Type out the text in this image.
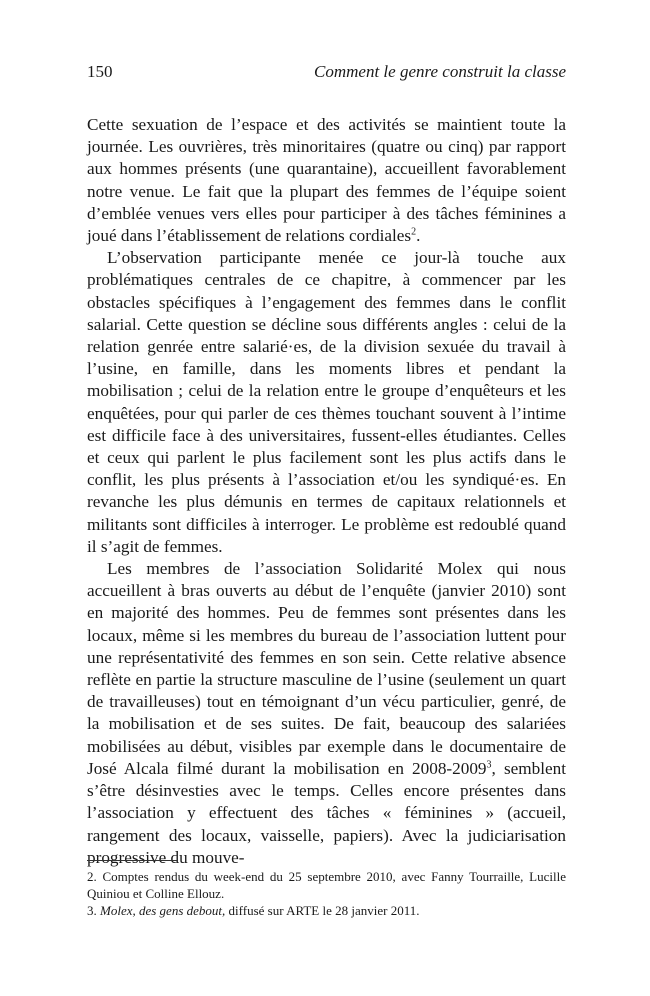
150	Comment le genre construit la classe

Cette sexuation de l’espace et des activités se maintient toute la journée. Les ouvrières, très minoritaires (quatre ou cinq) par rapport aux hommes présents (une quarantaine), accueillent favorablement notre venue. Le fait que la plupart des femmes de l’équipe soient d’emblée venues vers elles pour participer à des tâches féminines a joué dans l’établissement de relations cordiales$^2$.

L’observation participante menée ce jour-là touche aux problématiques centrales de ce chapitre, à commencer par les obstacles spécifiques à l’engagement des femmes dans le conflit salarial. Cette question se décline sous différents angles : celui de la relation genrée entre salarié·es, de la division sexuée du travail à l’usine, en famille, dans les moments libres et pendant la mobilisation ; celui de la relation entre le groupe d’enquêteurs et les enquêtées, pour qui parler de ces thèmes touchant souvent à l’intime est difficile face à des universitaires, fussent-elles étudiantes. Celles et ceux qui parlent le plus facilement sont les plus actifs dans le conflit, les plus présents à l’association et/ou les syndiqué·es. En revanche les plus démunis en termes de capitaux relationnels et militants sont difficiles à interroger. Le problème est redoublé quand il s’agit de femmes.

Les membres de l’association Solidarité Molex qui nous accueillent à bras ouverts au début de l’enquête (janvier 2010) sont en majorité des hommes. Peu de femmes sont présentes dans les locaux, même si les membres du bureau de l’association luttent pour une représentativité des femmes en son sein. Cette relative absence reflète en partie la structure masculine de l’usine (seulement un quart de travailleuses) tout en témoignant d’un vécu particulier, genré, de la mobilisation et de ses suites. De fait, beaucoup des salariées mobilisées au début, visibles par exemple dans le documentaire de José Alcala filmé durant la mobilisation en 2008-2009$^3$, semblent s’être désinvesties avec le temps. Celles encore présentes dans l’association y effectuent des tâches « féminines » (accueil, rangement des locaux, vaisselle, papiers). Avec la judiciarisation progressive du mouve-

2. Comptes rendus du week-end du 25 septembre 2010, avec Fanny Tourraille, Lucille Quiniou et Colline Ellouz.

3. Molex, des gens debout, diffusé sur ARTE le 28 janvier 2011.
